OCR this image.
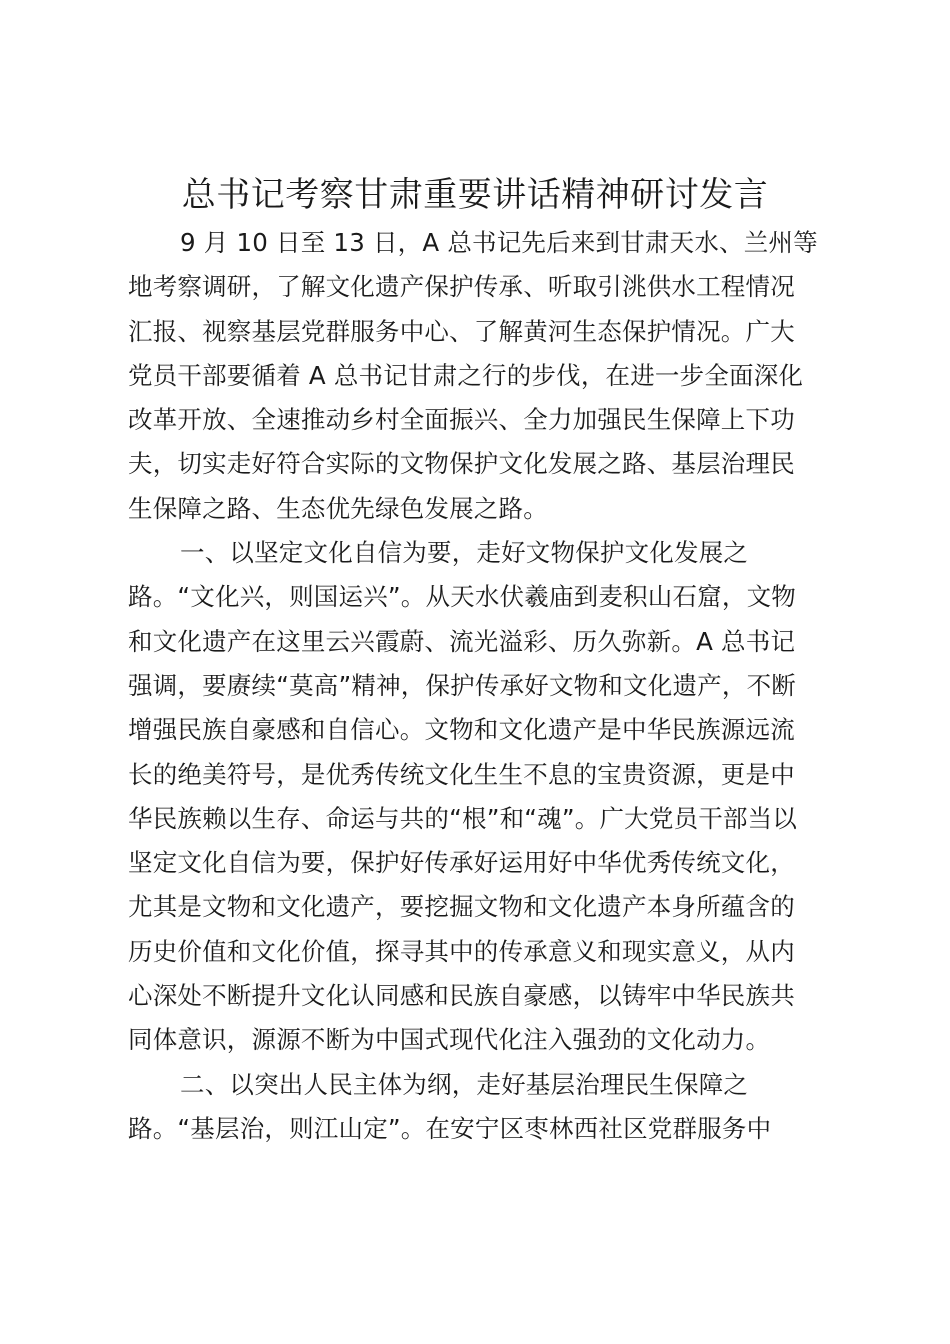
总书记考察甘肃重要讲话精神研讨发言
9 月 10 日至 13 日，A 总书记先后来到甘肃天水、兰州等
地考察调研，了解文化遗产保护传承、听取引洮供水工程情况
汇报、视察基层党群服务中心、了解黄河生态保护情况。广大
党员干部要循着 A 总书记甘肃之行的步伐，在进一步全面深化
改革开放、全速推动乡村全面振兴、全力加强民生保障上下功
夫，切实走好符合实际的文物保护文化发展之路、基层治理民
生保障之路、生态优先绿色发展之路。
一、以坚定文化自信为要，走好文物保护文化发展之
路。“文化兴，则国运兴”。从天水伏羲庙到麦积山石窟，文物
和文化遗产在这里云兴霞蔚、流光溢彩、历久弥新。A 总书记
强调，要赓续“莫高”精神，保护传承好文物和文化遗产，不断
增强民族自豪感和自信心。文物和文化遗产是中华民族源远流
长的绝美符号，是优秀传统文化生生不息的宝贵资源，更是中
华民族赖以生存、命运与共的“根”和“魂”。广大党员干部当以
坚定文化自信为要，保护好传承好运用好中华优秀传统文化，
尤其是文物和文化遗产，要挖掘文物和文化遗产本身所蕴含的
历史价值和文化价值，探寻其中的传承意义和现实意义，从内
心深处不断提升文化认同感和民族自豪感，以铸牢中华民族共
同体意识，源源不断为中国式现代化注入强劲的文化动力。
二、以突出人民主体为纲，走好基层治理民生保障之
路。“基层治，则江山定”。在安宁区枣林西社区党群服务中
